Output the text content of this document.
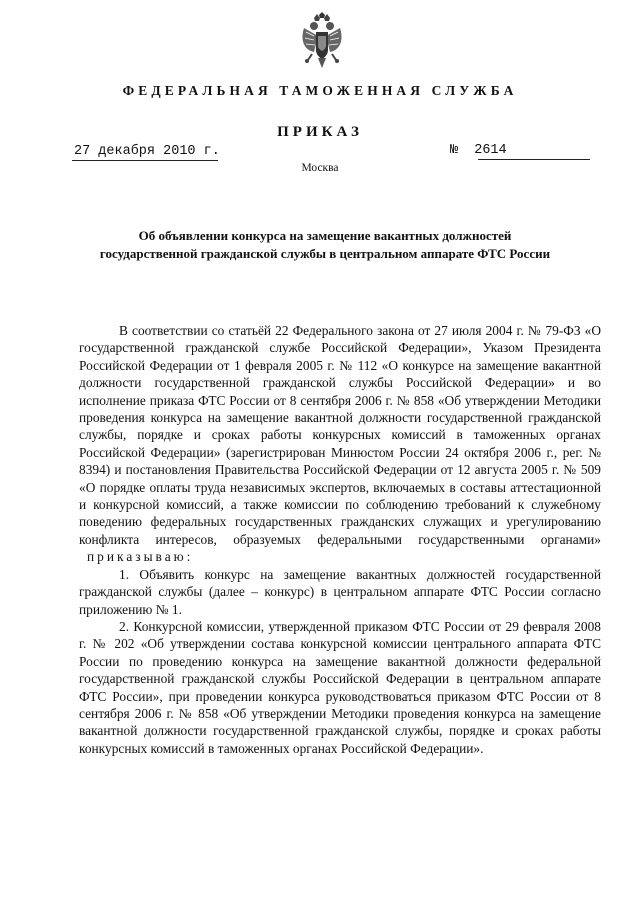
ФЕДЕРАЛЬНАЯ ТАМОЖЕННАЯ СЛУЖБА
ПРИКАЗ
27 декабря 2010 г.	№ 2614
Москва
Об объявлении конкурса на замещение вакантных должностей
государственной гражданской службы в центральном аппарате ФТС России

В соответствии со статьёй 22 Федерального закона от 27 июля 2004 г. № 79-ФЗ «О государственной гражданской службе Российской Федерации», Указом Президента Российской Федерации от 1 февраля 2005 г. № 112 «О конкурсе на замещение вакантной должности государственной гражданской службы Российской Федерации» и во исполнение приказа ФТС России от 8 сентября 2006 г. № 858 «Об утверждении Методики проведения конкурса на замещение вакантной должности государственной гражданской службы, порядке и сроках работы конкурсных комиссий в таможенных органах Российской Федерации» (зарегистрирован Минюстом России 24 октября 2006 г., рег. № 8394) и постановления Правительства Российской Федерации от 12 августа 2005 г. № 509 «О порядке оплаты труда независимых экспертов, включаемых в составы аттестационной и конкурсной комиссий, а также комиссии по соблюдению требований к служебному поведению федеральных государственных гражданских служащих и урегулированию конфликта интересов, образуемых федеральными государственными органами» приказываю:

1. Объявить конкурс на замещение вакантных должностей государственной гражданской службы (далее – конкурс) в центральном аппарате ФТС России согласно приложению № 1.

2. Конкурсной комиссии, утвержденной приказом ФТС России от 29 февраля 2008 г. № 202 «Об утверждении состава конкурсной комиссии центрального аппарата ФТС России по проведению конкурса на замещение вакантной должности федеральной государственной гражданской службы Российской Федерации в центральном аппарате ФТС России», при проведении конкурса руководствоваться приказом ФТС России от 8 сентября 2006 г. № 858 «Об утверждении Методики проведения конкурса на замещение вакантной должности государственной гражданской службы, порядке и сроках работы конкурсных комиссий в таможенных органах Российской Федерации».
